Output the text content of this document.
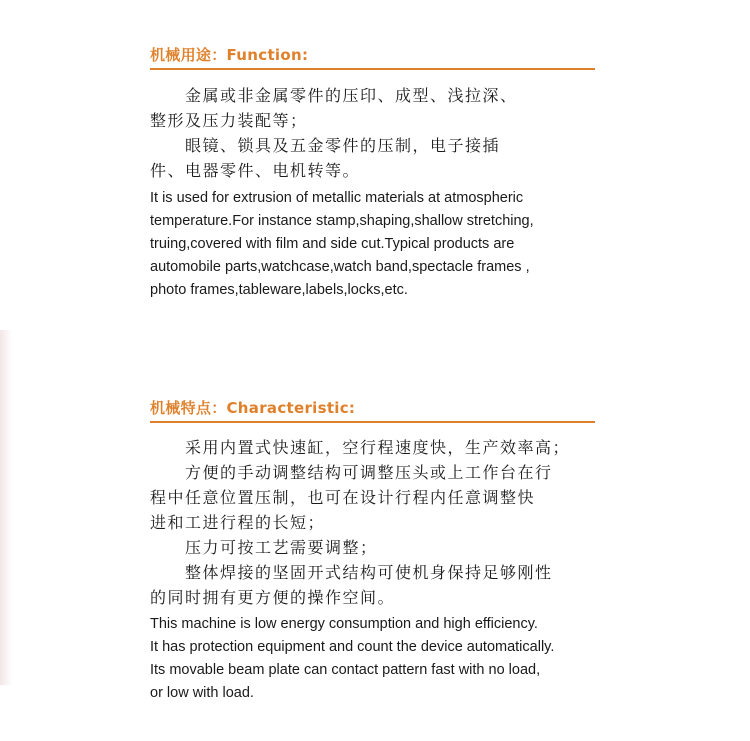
机械用途：Function:

　　金属或非金属零件的压印、成型、浅拉深、

整形及压力装配等；

　　眼镜、锁具及五金零件的压制，电子接插

件、电器零件、电机转等。

It is used for extrusion of metallic materials at atmospheric

temperature.For instance stamp,shaping,shallow stretching,

truing,covered with film and side cut.Typical products are

automobile parts,watchcase,watch band,spectacle frames ,

photo frames,tableware,labels,locks,etc.

机械特点：Characteristic:

　　采用内置式快速缸，空行程速度快，生产效率高；

　　方便的手动调整结构可调整压头或上工作台在行

程中任意位置压制，也可在设计行程内任意调整快

进和工进行程的长短；

　　压力可按工艺需要调整；

　　整体焊接的坚固开式结构可使机身保持足够刚性

的同时拥有更方便的操作空间。

This machine is low energy consumption and high efficiency.

It has protection equipment and count the device automatically.

Its movable beam plate can contact pattern fast with no load,

or low with load.
